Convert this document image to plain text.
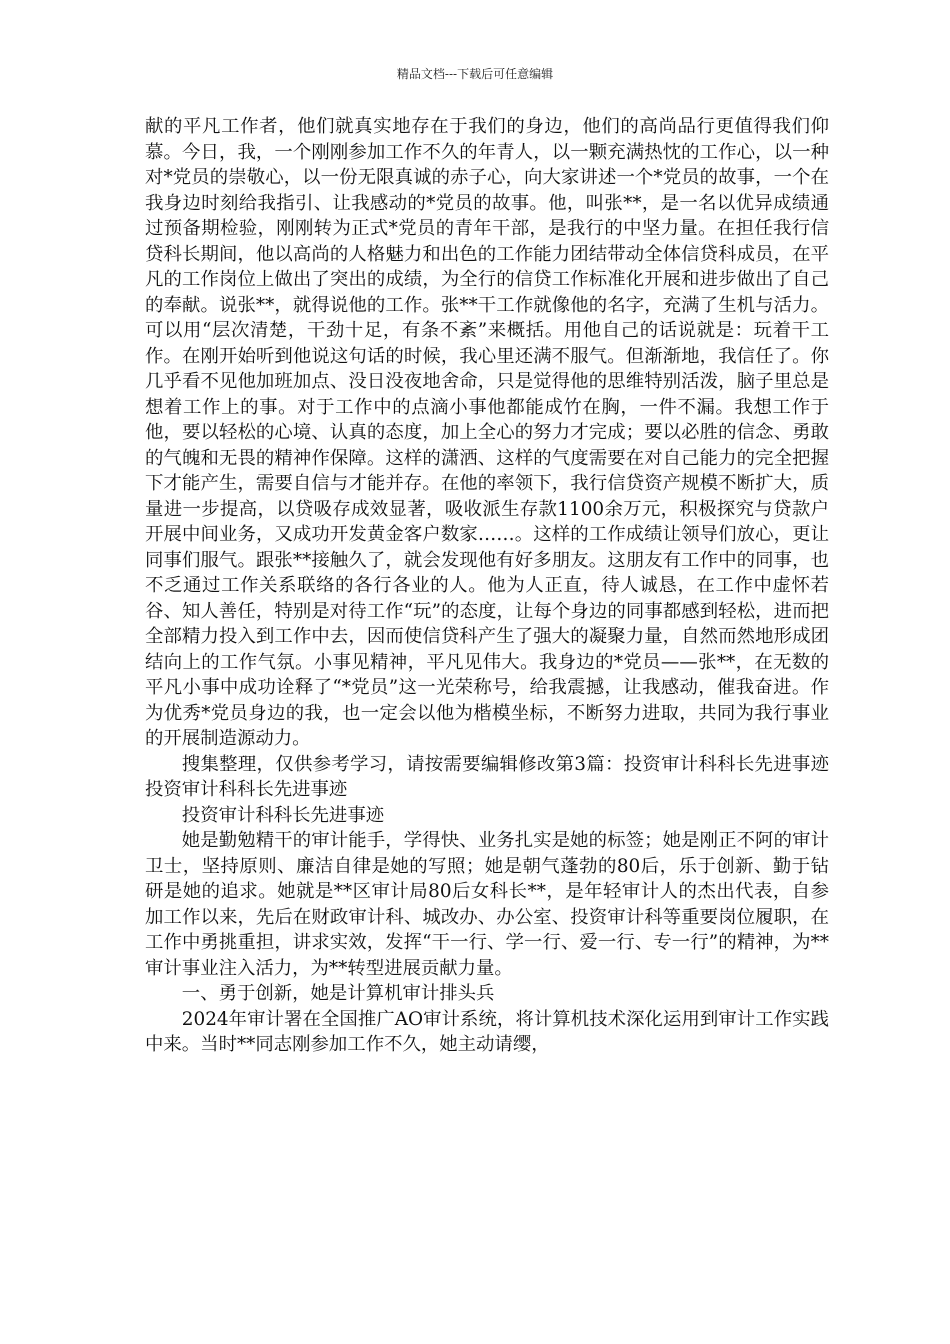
精品文档---下载后可任意编辑

献的平凡工作者，他们就真实地存在于我们的身边，他们的高尚品行更值得我们仰慕。今日，我，一个刚刚参加工作不久的年青人，以一颗充满热忱的工作心，以一种对*党员的崇敬心，以一份无限真诚的赤子心，向大家讲述一个*党员的故事，一个在我身边时刻给我指引、让我感动的*党员的故事。他，叫张**，是一名以优异成绩通过预备期检验，刚刚转为正式*党员的青年干部，是我行的中坚力量。在担任我行信贷科长期间，他以高尚的人格魅力和出色的工作能力团结带动全体信贷科成员，在平凡的工作岗位上做出了突出的成绩，为全行的信贷工作标准化开展和进步做出了自己的奉献。说张**，就得说他的工作。张**干工作就像他的名字，充满了生机与活力。可以用“层次清楚，干劲十足，有条不紊”来概括。用他自己的话说就是：玩着干工作。在刚开始听到他说这句话的时候，我心里还满不服气。但渐渐地，我信任了。你几乎看不见他加班加点、没日没夜地舍命，只是觉得他的思维特别活泼，脑子里总是想着工作上的事。对于工作中的点滴小事他都能成竹在胸，一件不漏。我想工作于他，要以轻松的心境、认真的态度，加上全心的努力才完成；要以必胜的信念、勇敢的气魄和无畏的精神作保障。这样的潇洒、这样的气度需要在对自己能力的完全把握下才能产生，需要自信与才能并存。在他的率领下，我行信贷资产规模不断扩大，质量进一步提高，以贷吸存成效显著，吸收派生存款1100余万元，积极探究与贷款户开展中间业务，又成功开发黄金客户数家……。这样的工作成绩让领导们放心，更让同事们服气。跟张**接触久了，就会发现他有好多朋友。这朋友有工作中的同事，也不乏通过工作关系联络的各行各业的人。他为人正直，待人诚恳，在工作中虚怀若谷、知人善任，特别是对待工作“玩”的态度，让每个身边的同事都感到轻松，进而把全部精力投入到工作中去，因而使信贷科产生了强大的凝聚力量，自然而然地形成团结向上的工作气氛。小事见精神，平凡见伟大。我身边的*党员——张**，在无数的平凡小事中成功诠释了“*党员”这一光荣称号，给我震撼，让我感动，催我奋进。作为优秀*党员身边的我，也一定会以他为楷模坐标，不断努力进取，共同为我行事业的开展制造源动力。

搜集整理，仅供参考学习，请按需要编辑修改第3篇：投资审计科科长先进事迹投资审计科科长先进事迹

投资审计科科长先进事迹

她是勤勉精干的审计能手，学得快、业务扎实是她的标签；她是刚正不阿的审计卫士，坚持原则、廉洁自律是她的写照；她是朝气蓬勃的80后，乐于创新、勤于钻研是她的追求。她就是**区审计局80后女科长**，是年轻审计人的杰出代表，自参加工作以来，先后在财政审计科、城改办、办公室、投资审计科等重要岗位履职，在工作中勇挑重担，讲求实效，发挥“干一行、学一行、爱一行、专一行”的精神，为**审计事业注入活力，为**转型进展贡献力量。

一、勇于创新，她是计算机审计排头兵

2024年审计署在全国推广AO审计系统，将计算机技术深化运用到审计工作实践中来。当时**同志刚参加工作不久，她主动请缨，
